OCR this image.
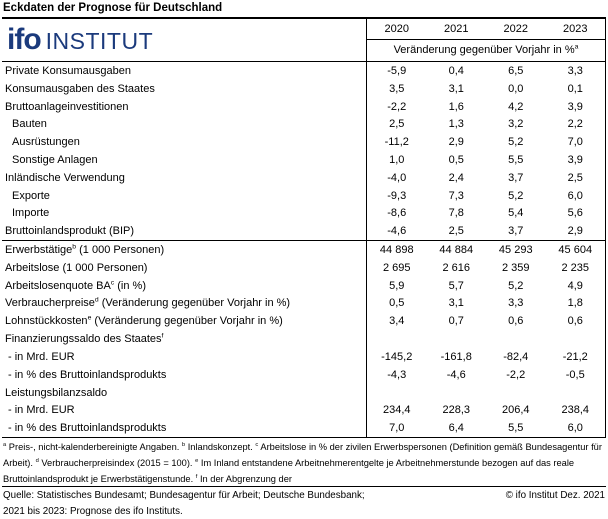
Eckdaten der Prognose für Deutschland
ifo INSTITUT	2020	2021	2022	2023
Veränderung gegenüber Vorjahr in %$^a$
Private Konsumausgaben	-5,9	0,4	6,5	3,3
Konsumausgaben des Staates	3,5	3,1	0,0	0,1
Bruttoanlageinvestitionen	-2,2	1,6	4,2	3,9
Bauten	2,5	1,3	3,2	2,2
Ausrüstungen	-11,2	2,9	5,2	7,0
Sonstige Anlagen	1,0	0,5	5,5	3,9
Inländische Verwendung	-4,0	2,4	3,7	2,5
Exporte	-9,3	7,3	5,2	6,0
Importe	-8,6	7,8	5,4	5,6
Bruttoinlandsprodukt (BIP)	-4,6	2,5	3,7	2,9
Erwerbstätige$^b$ (1 000 Personen)	44 898	44 884	45 293	45 604
Arbeitslose (1 000 Personen)	2 695	2 616	2 359	2 235
Arbeitslosenquote $BA^c$ (in %)	5,9	5,7	5,2	4,9
Verbraucherpreise$^d$ (Veränderung gegenüber Vorjahr in %)	0,5	3,1	3,3	1,8
Lohnstückkosten$^e$ (Veränderung gegenüber Vorjahr in %)	3,4	0,7	0,6	0,6
Finanzierungssaldo des Staates$^f$
- in Mrd. EUR	-145,2	-161,8	-82,4	-21,2
- in % des Bruttoinlandsprodukts	-4,3	-4,6	-2,2	-0,5
Leistungsbilanzsaldo
- in Mrd. EUR	234,4	228,3	206,4	238,4
- in % des Bruttoinlandsprodukts	7,0	6,4	5,5	6,0
$^a$ Preis-, nicht-kalenderbereinigte Angaben. $^b$ Inlandskonzept. $^c$ Arbeitslose in % der zivilen Erwerbspersonen (Definition gemäß Bundesagentur für Arbeit). $^d$ Verbraucherpreisindex (2015 = 100). $^e$ Im Inland entstandene Arbeitnehmerentgelte je Arbeitnehmerstunde bezogen auf das reale Bruttoinlandsprodukt je Erwerbstätigenstunde. $^f$ In der Abgrenzung der
Quelle: Statistisches Bundesamt; Bundesagentur für Arbeit; Deutsche Bundesbank;	© ifo Institut Dez. 2021
2021 bis 2023: Prognose des ifo Instituts.
